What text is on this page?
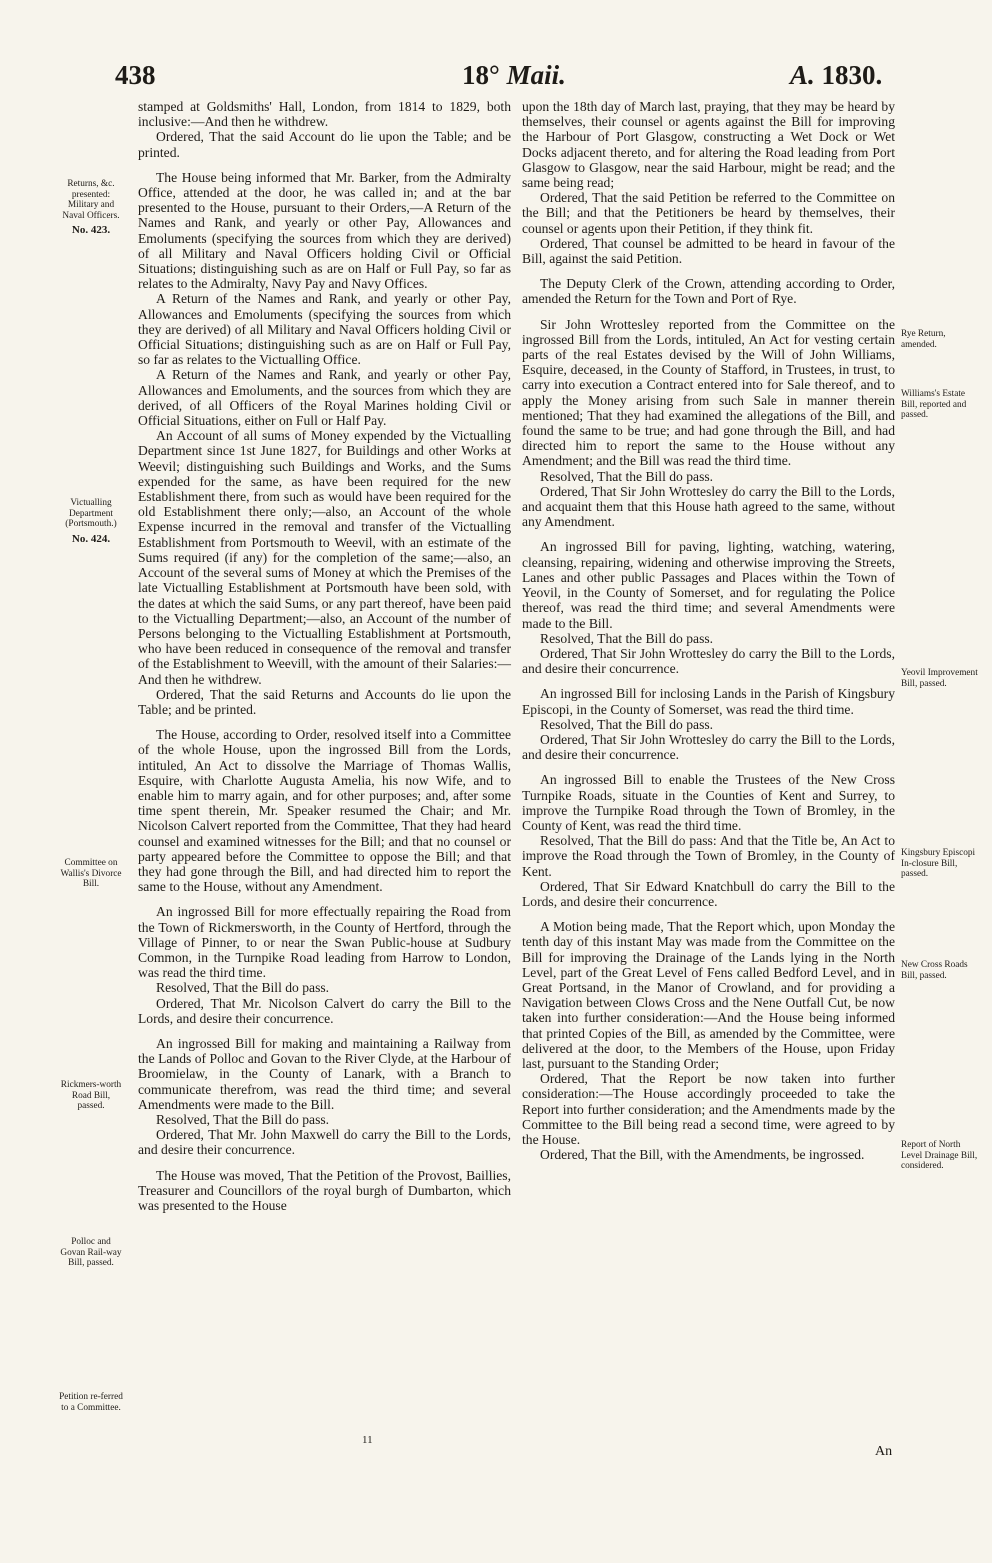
438	18° Maii.	A. 1830.
Returns, &c. presented: Military and Naval Officers.
No. 423.
Victualling Department (Portsmouth.)
No. 424.
Committee on Wallis's Divorce Bill.
Rickmers-worth Road Bill, passed.
Polloc and Govan Rail-way Bill, passed.
Petition re-ferred to a Committee.
Rye Return, amended.
Williams's Estate Bill, reported and passed.
Yeovil Improvement Bill, passed.
Kingsbury Episcopi In-closure Bill, passed.
New Cross Roads Bill, passed.
Report of North Level Drainage Bill, considered.

stamped at Goldsmiths' Hall, London, from 1814 to 1829, both inclusive:—And then he withdrew.

Ordered, That the said Account do lie upon the Table; and be printed.

The House being informed that Mr. Barker, from the Admiralty Office, attended at the door, he was called in; and at the bar presented to the House, pursuant to their Orders,—A Return of the Names and Rank, and yearly or other Pay, Allowances and Emoluments (specifying the sources from which they are derived) of all Military and Naval Officers holding Civil or Official Situations; distinguishing such as are on Half or Full Pay, so far as relates to the Admiralty, Navy Pay and Navy Offices.

A Return of the Names and Rank, and yearly or other Pay, Allowances and Emoluments (specifying the sources from which they are derived) of all Military and Naval Officers holding Civil or Official Situations; distinguishing such as are on Half or Full Pay, so far as relates to the Victualling Office.

A Return of the Names and Rank, and yearly or other Pay, Allowances and Emoluments, and the sources from which they are derived, of all Officers of the Royal Marines holding Civil or Official Situations, either on Full or Half Pay.

An Account of all sums of Money expended by the Victualling Department since 1st June 1827, for Buildings and other Works at Weevil; distinguishing such Buildings and Works, and the Sums expended for the same, as have been required for the new Establishment there, from such as would have been required for the old Establishment there only;—also, an Account of the whole Expense incurred in the removal and transfer of the Victualling Establishment from Portsmouth to Weevil, with an estimate of the Sums required (if any) for the completion of the same;—also, an Account of the several sums of Money at which the Premises of the late Victualling Establishment at Portsmouth have been sold, with the dates at which the said Sums, or any part thereof, have been paid to the Victualling Department;—also, an Account of the number of Persons belonging to the Victualling Establishment at Portsmouth, who have been reduced in consequence of the removal and transfer of the Establishment to Weevill, with the amount of their Salaries:—And then he withdrew.

Ordered, That the said Returns and Accounts do lie upon the Table; and be printed.

The House, according to Order, resolved itself into a Committee of the whole House, upon the ingrossed Bill from the Lords, intituled, An Act to dissolve the Marriage of Thomas Wallis, Esquire, with Charlotte Augusta Amelia, his now Wife, and to enable him to marry again, and for other purposes; and, after some time spent therein, Mr. Speaker resumed the Chair; and Mr. Nicolson Calvert reported from the Committee, That they had heard counsel and examined witnesses for the Bill; and that no counsel or party appeared before the Committee to oppose the Bill; and that they had gone through the Bill, and had directed him to report the same to the House, without any Amendment.

An ingrossed Bill for more effectually repairing the Road from the Town of Rickmersworth, in the County of Hertford, through the Village of Pinner, to or near the Swan Public-house at Sudbury Common, in the Turnpike Road leading from Harrow to London, was read the third time.

Resolved, That the Bill do pass.

Ordered, That Mr. Nicolson Calvert do carry the Bill to the Lords, and desire their concurrence.

An ingrossed Bill for making and maintaining a Railway from the Lands of Polloc and Govan to the River Clyde, at the Harbour of Broomielaw, in the County of Lanark, with a Branch to communicate therefrom, was read the third time; and several Amendments were made to the Bill.

Resolved, That the Bill do pass.

Ordered, That Mr. John Maxwell do carry the Bill to the Lords, and desire their concurrence.

The House was moved, That the Petition of the Provost, Baillies, Treasurer and Councillors of the royal burgh of Dumbarton, which was presented to the House

upon the 18th day of March last, praying, that they may be heard by themselves, their counsel or agents against the Bill for improving the Harbour of Port Glasgow, constructing a Wet Dock or Wet Docks adjacent thereto, and for altering the Road leading from Port Glasgow to Glasgow, near the said Harbour, might be read; and the same being read;

Ordered, That the said Petition be referred to the Committee on the Bill; and that the Petitioners be heard by themselves, their counsel or agents upon their Petition, if they think fit.

Ordered, That counsel be admitted to be heard in favour of the Bill, against the said Petition.

The Deputy Clerk of the Crown, attending according to Order, amended the Return for the Town and Port of Rye.

Sir John Wrottesley reported from the Committee on the ingrossed Bill from the Lords, intituled, An Act for vesting certain parts of the real Estates devised by the Will of John Williams, Esquire, deceased, in the County of Stafford, in Trustees, in trust, to carry into execution a Contract entered into for Sale thereof, and to apply the Money arising from such Sale in manner therein mentioned; That they had examined the allegations of the Bill, and found the same to be true; and had gone through the Bill, and had directed him to report the same to the House without any Amendment; and the Bill was read the third time.

Resolved, That the Bill do pass.

Ordered, That Sir John Wrottesley do carry the Bill to the Lords, and acquaint them that this House hath agreed to the same, without any Amendment.

An ingrossed Bill for paving, lighting, watching, watering, cleansing, repairing, widening and otherwise improving the Streets, Lanes and other public Passages and Places within the Town of Yeovil, in the County of Somerset, and for regulating the Police thereof, was read the third time; and several Amendments were made to the Bill.

Resolved, That the Bill do pass.

Ordered, That Sir John Wrottesley do carry the Bill to the Lords, and desire their concurrence.

An ingrossed Bill for inclosing Lands in the Parish of Kingsbury Episcopi, in the County of Somerset, was read the third time.

Resolved, That the Bill do pass.

Ordered, That Sir John Wrottesley do carry the Bill to the Lords, and desire their concurrence.

An ingrossed Bill to enable the Trustees of the New Cross Turnpike Roads, situate in the Counties of Kent and Surrey, to improve the Turnpike Road through the Town of Bromley, in the County of Kent, was read the third time.

Resolved, That the Bill do pass: And that the Title be, An Act to improve the Road through the Town of Bromley, in the County of Kent.

Ordered, That Sir Edward Knatchbull do carry the Bill to the Lords, and desire their concurrence.

A Motion being made, That the Report which, upon Monday the tenth day of this instant May was made from the Committee on the Bill for improving the Drainage of the Lands lying in the North Level, part of the Great Level of Fens called Bedford Level, and in Great Portsand, in the Manor of Crowland, and for providing a Navigation between Clows Cross and the Nene Outfall Cut, be now taken into further consideration:—And the House being informed that printed Copies of the Bill, as amended by the Committee, were delivered at the door, to the Members of the House, upon Friday last, pursuant to the Standing Order;

Ordered, That the Report be now taken into further consideration:—The House accordingly proceeded to take the Report into further consideration; and the Amendments made by the Committee to the Bill being read a second time, were agreed to by the House.

Ordered, That the Bill, with the Amendments, be ingrossed.

11
An
